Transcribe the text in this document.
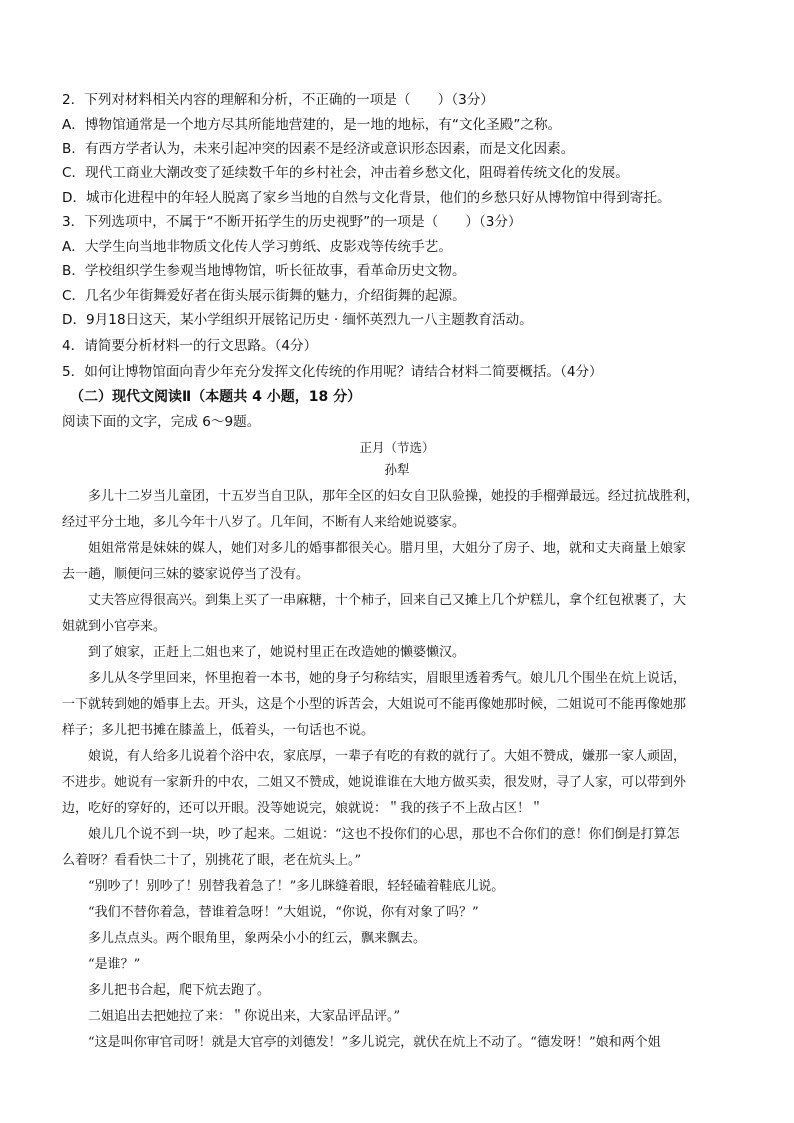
2．下列对材料相关内容的理解和分析，不正确的一项是（　　）（3分）
A．博物馆通常是一个地方尽其所能地营建的，是一地的地标，有“文化圣殿”之称。
B．有西方学者认为，未来引起冲突的因素不是经济或意识形态因素，而是文化因素。
C．现代工商业大潮改变了延续数千年的乡村社会，冲击着乡愁文化，阻碍着传统文化的发展。
D．城市化进程中的年轻人脱离了家乡当地的自然与文化背景，他们的乡愁只好从博物馆中得到寄托。
3．下列选项中，不属于“不断开拓学生的历史视野”的一项是（　　）（3分）
A．大学生向当地非物质文化传人学习剪纸、皮影戏等传统手艺。
B．学校组织学生参观当地博物馆，听长征故事，看革命历史文物。
C．几名少年街舞爱好者在街头展示街舞的魅力，介绍街舞的起源。
D．9月18日这天，某小学组织开展铭记历史 · 缅怀英烈九一八主题教育活动。
4．请简要分析材料一的行文思路。（4分）
5．如何让博物馆面向青少年充分发挥文化传统的作用呢？请结合材料二简要概括。（4分）
（二）现代文阅读Ⅱ（本题共 4 小题，18 分）
阅读下面的文字，完成 6～9题。
正月（节选）
孙犁
　　多儿十二岁当儿童团，十五岁当自卫队，那年全区的妇女自卫队验操，她投的手榴弹最远。经过抗战胜利，
经过平分土地，多儿今年十八岁了。几年间，不断有人来给她说婆家。
　　姐姐常常是妹妹的媒人，她们对多儿的婚事都很关心。腊月里，大姐分了房子、地，就和丈夫商量上娘家
去一趟，顺便问三妹的婆家说停当了没有。
　　丈夫答应得很高兴。到集上买了一串麻糖，十个柿子，回来自己又摊上几个炉糕儿，拿个红包袱裹了，大
姐就到小官亭来。
　　到了娘家，正赶上二姐也来了，她说村里正在改造她的懒婆懒汉。
　　多儿从冬学里回来，怀里抱着一本书，她的身子匀称结实，眉眼里透着秀气。娘儿几个围坐在炕上说话，
一下就转到她的婚事上去。开头，这是个小型的诉苦会，大姐说可不能再像她那时候，二姐说可不能再像她那
样子；多儿把书摊在膝盖上，低着头，一句话也不说。
　　娘说，有人给多儿说着个浴中农，家底厚，一辈子有吃的有救的就行了。大姐不赞成，嫌那一家人顽固，
不进步。她说有一家新升的中农，二姐又不赞成，她说谁谁在大地方做买卖，很发财，寻了人家，可以带到外
边，吃好的穿好的，还可以开眼。没等她说完，娘就说：＂我的孩子不上敌占区！＂
　　娘儿几个说不到一块，吵了起来。二姐说：“这也不投你们的心思，那也不合你们的意！你们倒是打算怎
么着呀？看看快二十了，别挑花了眼，老在炕头上。”
　　“别吵了！别吵了！别替我着急了！”多儿眯缝着眼，轻轻磕着鞋底儿说。
　　“我们不替你着急，替谁着急呀！”大姐说，“你说，你有对象了吗？”
　　多儿点点头。两个眼角里，象两朵小小的红云，飘来飘去。
　　“是谁？”
　　多儿把书合起，爬下炕去跑了。
　　二姐追出去把她拉了来：＂你说出来，大家品评品评。”
　　“这是叫你审官司呀！就是大官亭的刘德发！”多儿说完，就伏在炕上不动了。“德发呀！”娘和两个姐
